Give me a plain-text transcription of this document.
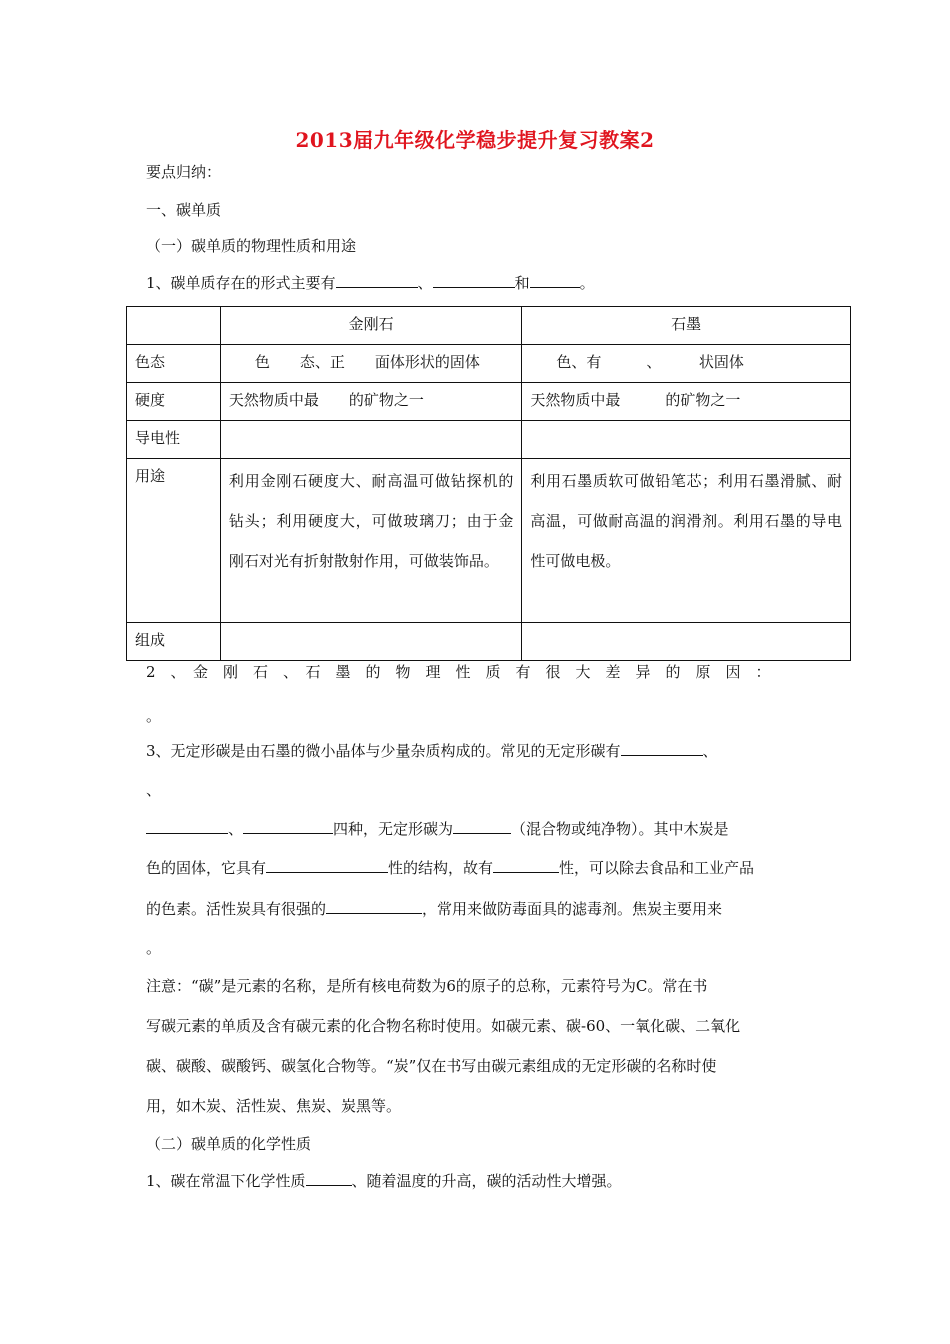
2013届九年级化学稳步提升复习教案2
要点归纳：
一、碳单质
（一）碳单质的物理性质和用途
1、碳单质存在的形式主要有	、	和	。
	金刚石	石墨
色态	色　　态、正　　面体形状的固体	色、有　　　、　　　状固体
硬度	天然物质中最　　的矿物之一	天然物质中最　　　的矿物之一
导电性		
用途	利用金刚石硬度大、耐高温可做钻探机的钻头；利用硬度大，可做玻璃刀；由于金刚石对光有折射散射作用，可做装饰品。	利用石墨质软可做铅笔芯；利用石墨滑腻、耐高温，可做耐高温的润滑剂。利用石墨的导电性可做电极。

组成		
2　、　金　刚　石　、　石　墨　的　物　理　性　质　有　很　大　差　异　的　原　因　：
。
3、无定形碳是由石墨的微小晶体与少量杂质构成的。常见的无定形碳有	、
、
、	四种，无定形碳为	（混合物或纯净物）。其中木炭是
色的固体，它具有	性的结构，故有	性，可以除去食品和工业产品
的色素。活性炭具有很强的	，常用来做防毒面具的滤毒剂。焦炭主要用来
。
注意：“碳”是元素的名称，是所有核电荷数为6的原子的总称，元素符号为C。常在书
写碳元素的单质及含有碳元素的化合物名称时使用。如碳元素、碳-60、一氧化碳、二氧化
碳、碳酸、碳酸钙、碳氢化合物等。“炭”仅在书写由碳元素组成的无定形碳的名称时使
用，如木炭、活性炭、焦炭、炭黑等。
（二）碳单质的化学性质
1、碳在常温下化学性质	、随着温度的升高，碳的活动性大增强。
